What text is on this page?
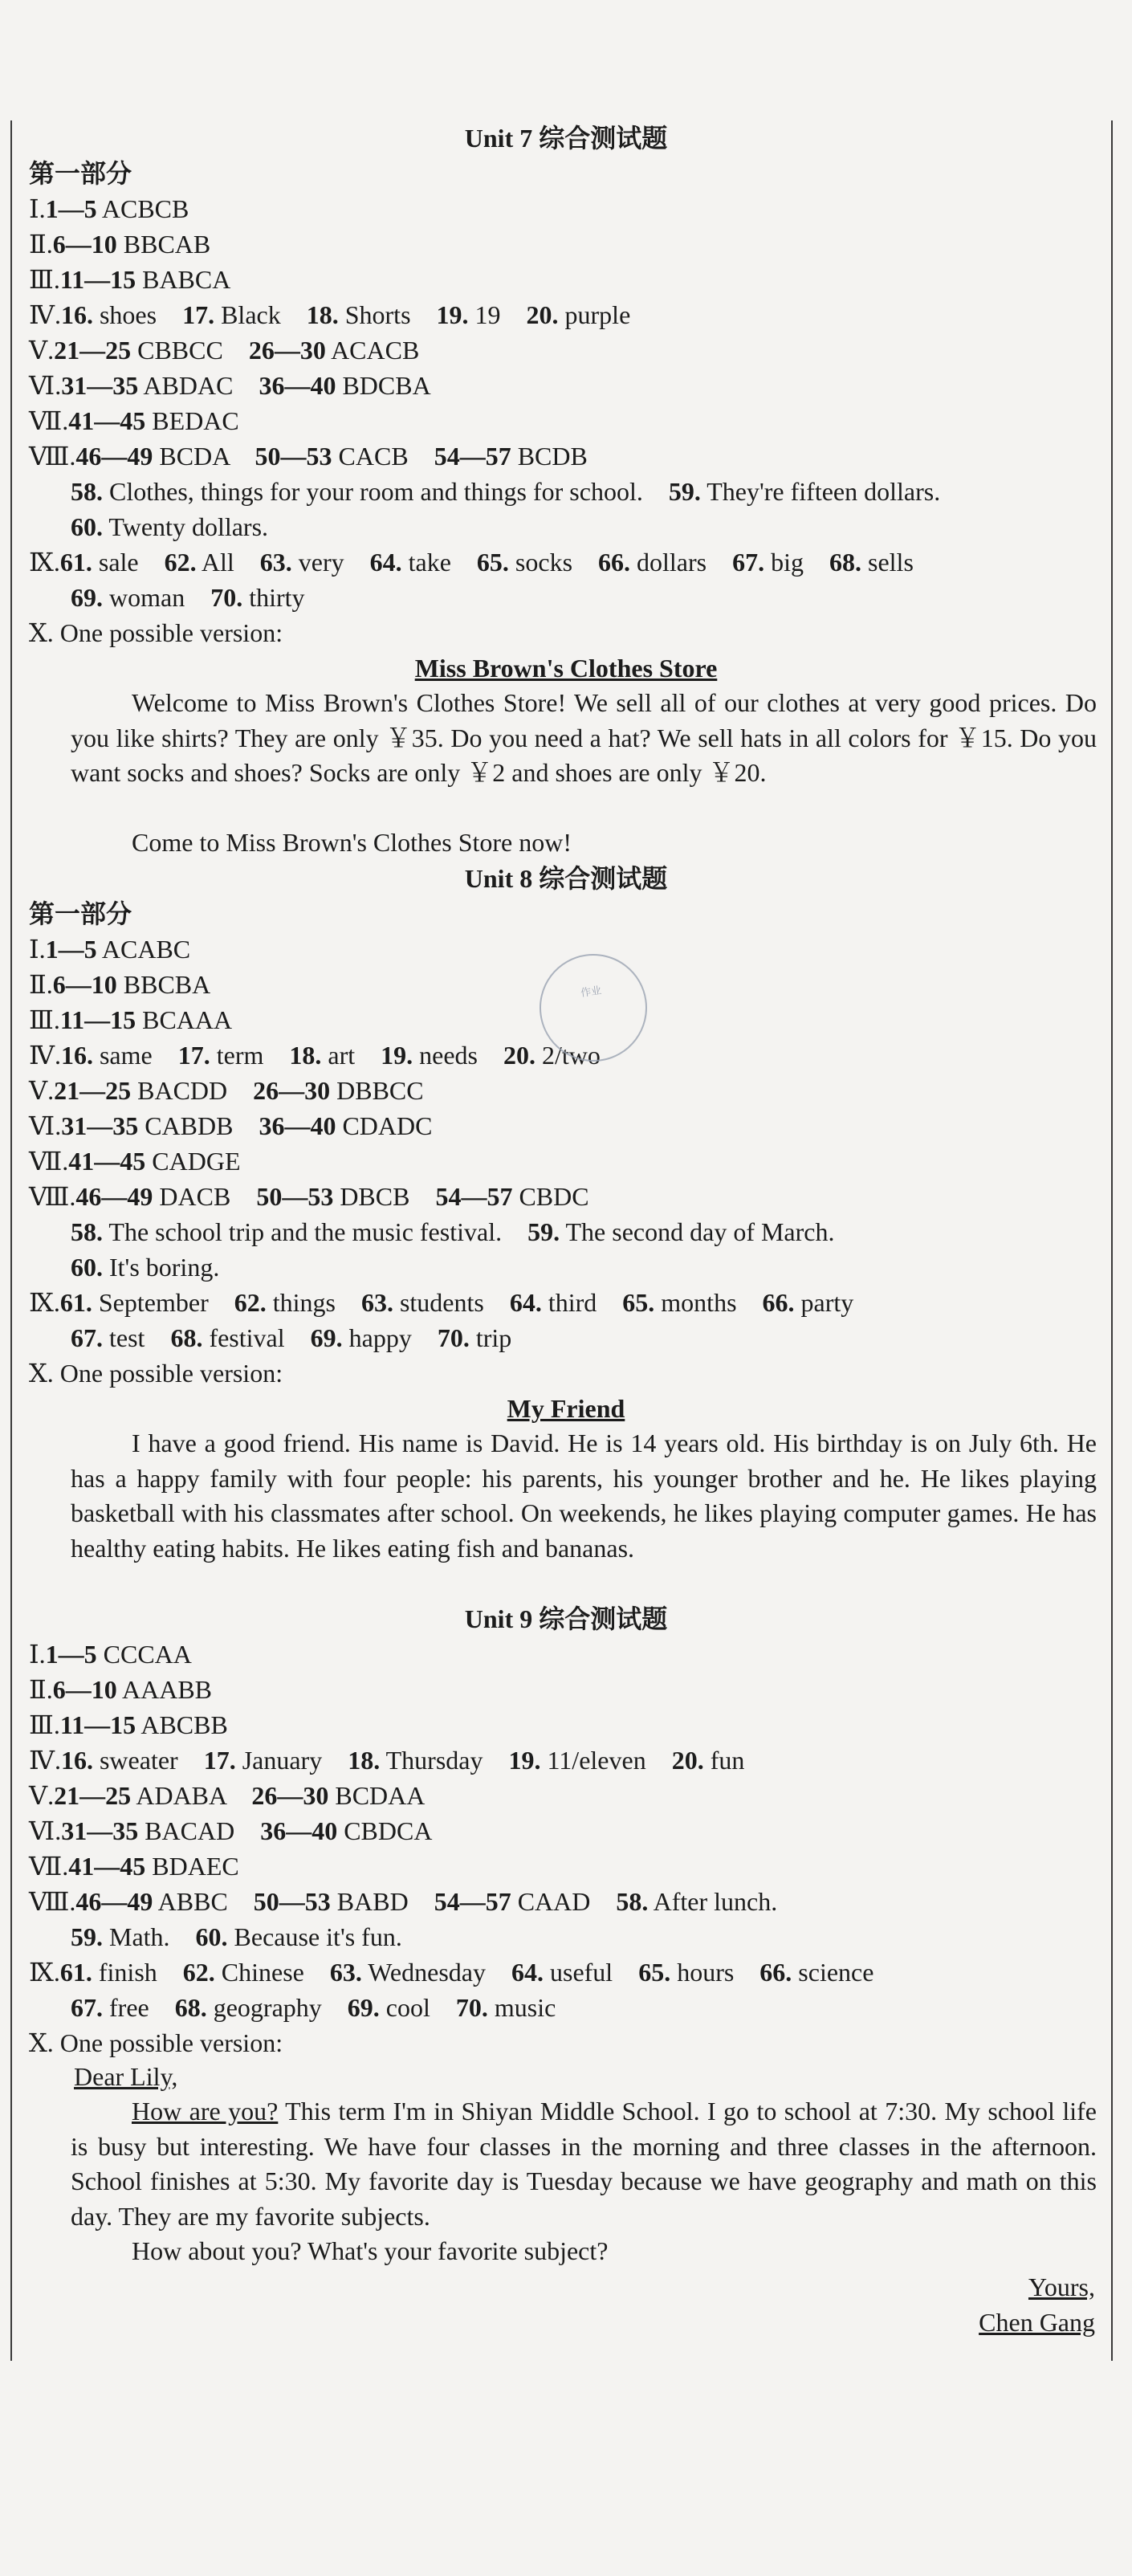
Unit 7 综合测试题
第一部分
Ⅰ.1—5 ACBCB
Ⅱ.6—10 BBCAB
Ⅲ.11—15 BABCA
Ⅳ.16. shoes    17. Black    18. Shorts    19. 19    20. purple
Ⅴ.21—25 CBBCC    26—30 ACACB
Ⅵ.31—35 ABDAC    36—40 BDCBA
Ⅶ.41—45 BEDAC
Ⅷ.46—49 BCDA    50—53 CACB    54—57 BCDB
58. Clothes, things for your room and things for school.    59. They're fifteen dollars.
60. Twenty dollars.
Ⅸ.61. sale    62. All    63. very    64. take    65. socks    66. dollars    67. big    68. sells
69. woman    70. thirty
Ⅹ. One possible version:
Miss Brown's Clothes Store
Welcome to Miss Brown's Clothes Store! We sell all of our clothes at very good prices. Do you like shirts? They are only ￥35. Do you need a hat? We sell hats in all colors for ￥15. Do you want socks and shoes? Socks are only ￥2 and shoes are only ￥20.
Come to Miss Brown's Clothes Store now!
Unit 8 综合测试题
第一部分
Ⅰ.1—5 ACABC
Ⅱ.6—10 BBCBA
Ⅲ.11—15 BCAAA
Ⅳ.16. same    17. term    18. art    19. needs    20. 2/two
Ⅴ.21—25 BACDD    26—30 DBBCC
Ⅵ.31—35 CABDB    36—40 CDADC
Ⅶ.41—45 CADGE
Ⅷ.46—49 DACB    50—53 DBCB    54—57 CBDC
58. The school trip and the music festival.    59. The second day of March.
60. It's boring.
Ⅸ.61. September    62. things    63. students    64. third    65. months    66. party
67. test    68. festival    69. happy    70. trip
Ⅹ. One possible version:
作业
My Friend
I have a good friend. His name is David. He is 14 years old. His birthday is on July 6th. He has a happy family with four people: his parents, his younger brother and he. He likes playing basketball with his classmates after school. On weekends, he likes playing computer games. He has healthy eating habits. He likes eating fish and bananas.
Unit 9 综合测试题
Ⅰ.1—5 CCCAA
Ⅱ.6—10 AAABB
Ⅲ.11—15 ABCBB
Ⅳ.16. sweater    17. January    18. Thursday    19. 11/eleven    20. fun
Ⅴ.21—25 ADABA    26—30 BCDAA
Ⅵ.31—35 BACAD    36—40 CBDCA
Ⅶ.41—45 BDAEC
Ⅷ.46—49 ABBC    50—53 BABD    54—57 CAAD    58. After lunch.
59. Math.    60. Because it's fun.
Ⅸ.61. finish    62. Chinese    63. Wednesday    64. useful    65. hours    66. science
67. free    68. geography    69. cool    70. music
Ⅹ. One possible version:
Dear Lily,
How are you? This term I'm in Shiyan Middle School. I go to school at 7:30. My school life is busy but interesting. We have four classes in the morning and three classes in the afternoon. School finishes at 5:30. My favorite day is Tuesday because we have geography and math on this day. They are my favorite subjects.
How about you? What's your favorite subject?
Yours,
Chen Gang
